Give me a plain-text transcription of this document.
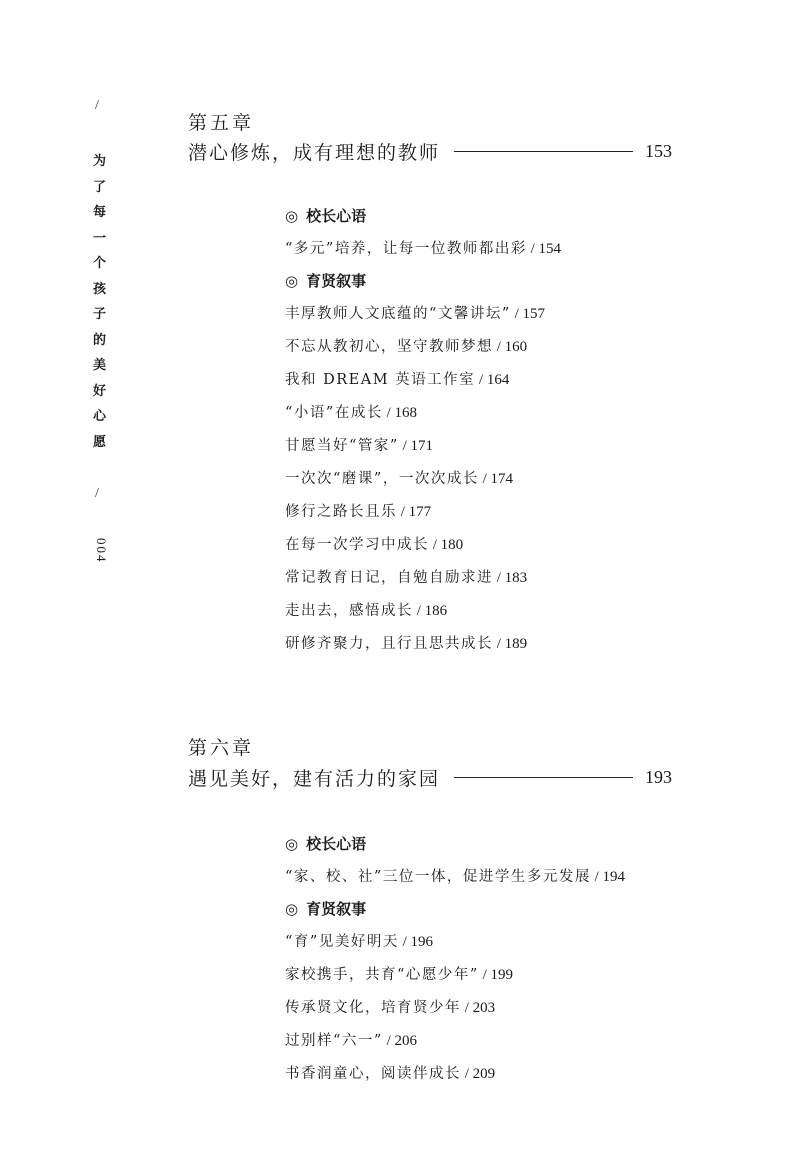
/
为
了
每
一
个
孩
子
的
美
好
心
愿
/
004
第五章
潜心修炼，成有理想的教师	153
◎ 校长心语
“多元”培养，让每一位教师都出彩 / 154
◎ 育贤叙事
丰厚教师人文底蕴的“文馨讲坛” / 157
不忘从教初心，坚守教师梦想 / 160
我和 DREAM 英语工作室 / 164
“小语”在成长 / 168
甘愿当好“管家” / 171
一次次“磨课”，一次次成长 / 174
修行之路长且乐 / 177
在每一次学习中成长 / 180
常记教育日记，自勉自励求进 / 183
走出去，感悟成长 / 186
研修齐聚力，且行且思共成长 / 189
第六章
遇见美好，建有活力的家园	193
◎ 校长心语
“家、校、社”三位一体，促进学生多元发展 / 194
◎ 育贤叙事
“育”见美好明天 / 196
家校携手，共育“心愿少年” / 199
传承贤文化，培育贤少年 / 203
过别样“六一” / 206
书香润童心，阅读伴成长 / 209
